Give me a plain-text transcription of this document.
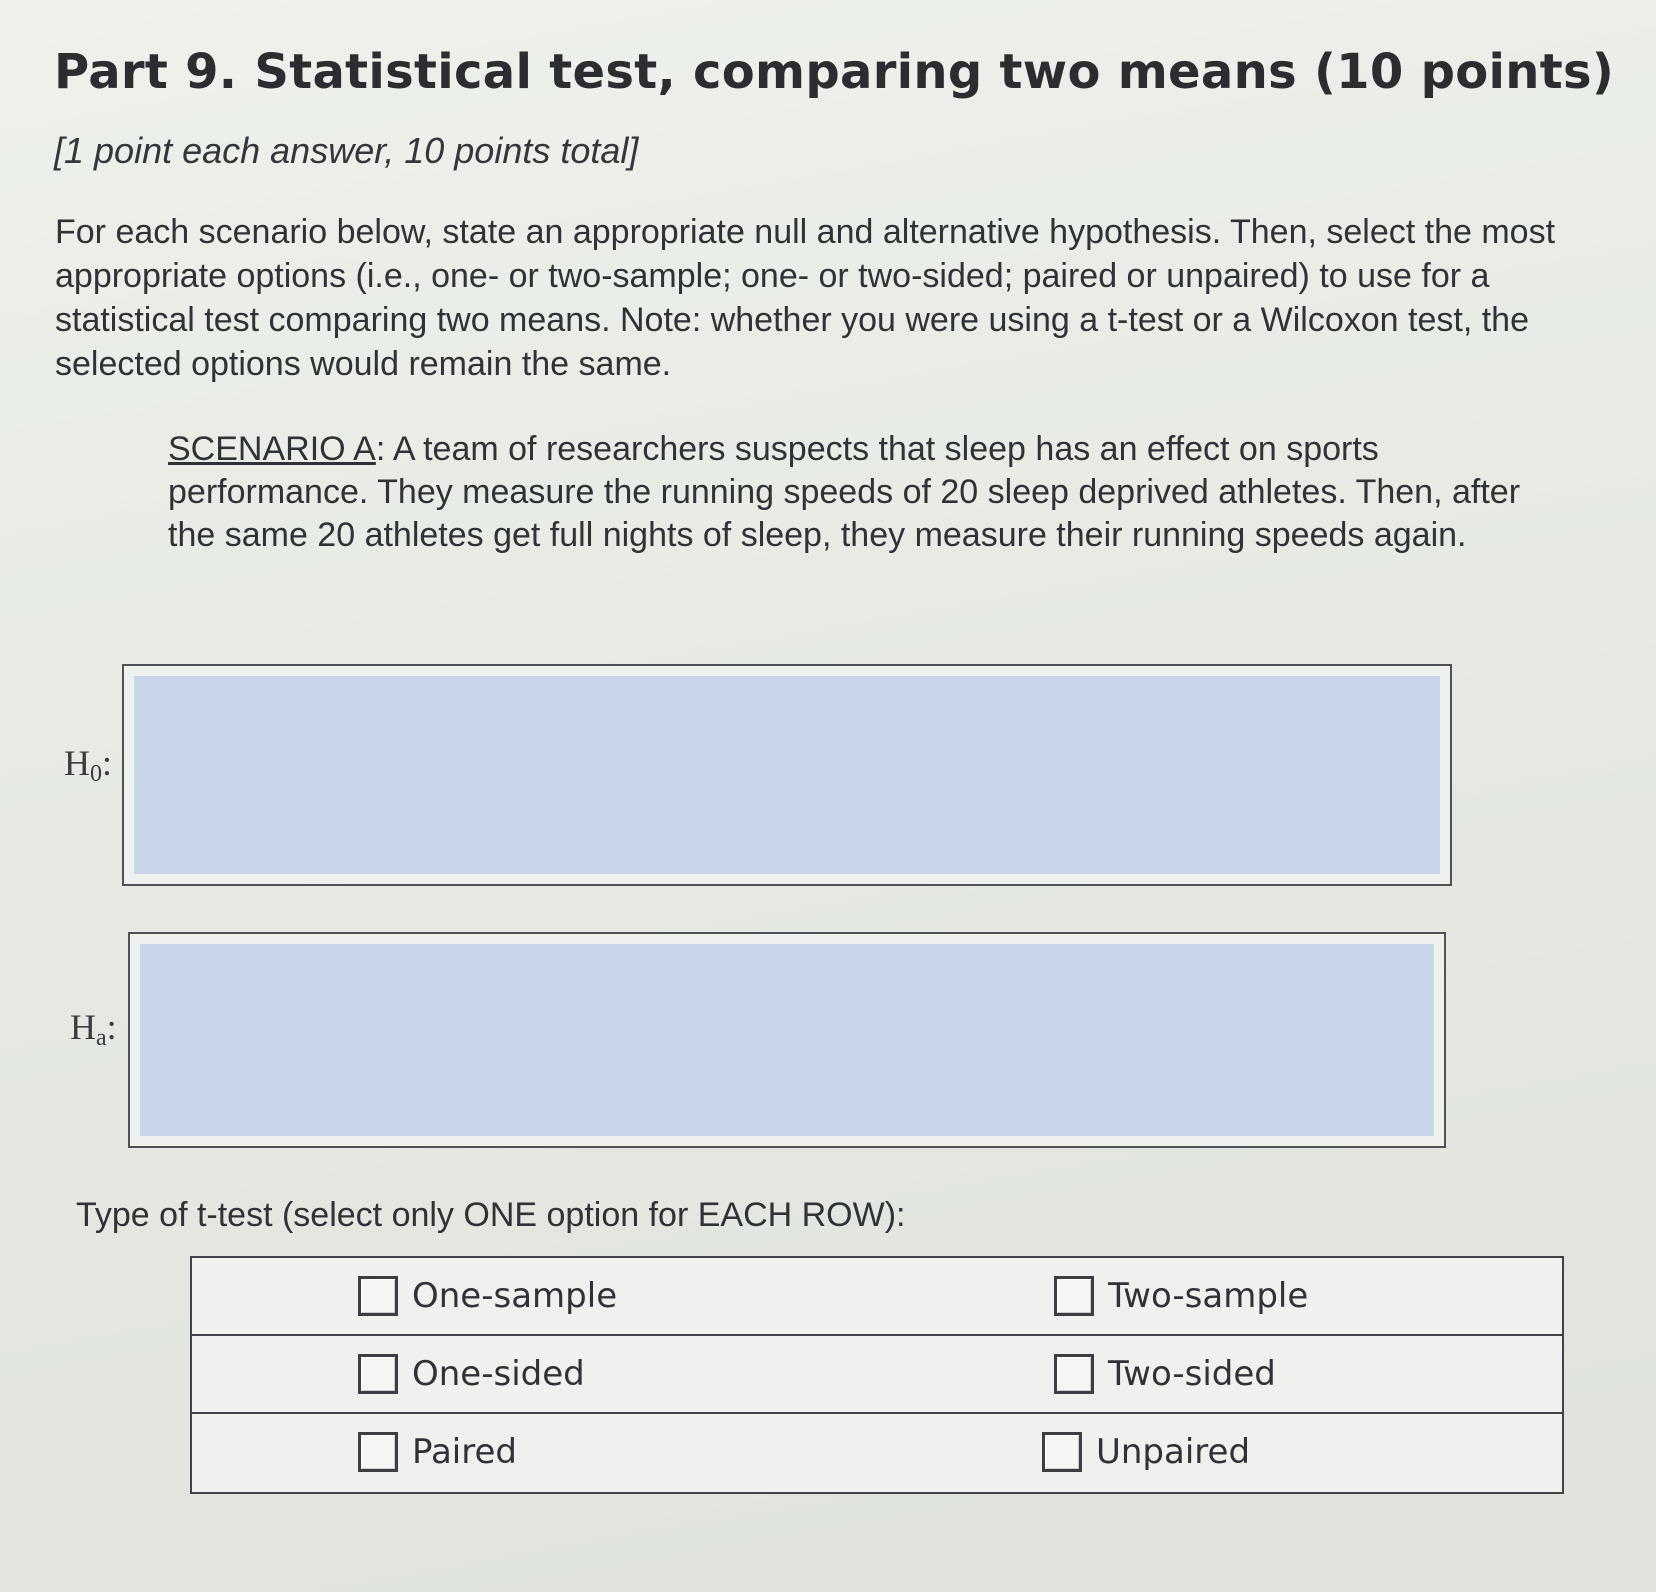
Part 9. Statistical test, comparing two means (10 points)
[1 point each answer, 10 points total]
For each scenario below, state an appropriate null and alternative hypothesis. Then, select the most appropriate options (i.e., one- or two-sample; one- or two-sided; paired or unpaired) to use for a statistical test comparing two means. Note: whether you were using a t-test or a Wilcoxon test, the selected options would remain the same.
SCENARIO A: A team of researchers suspects that sleep has an effect on sports performance. They measure the running speeds of 20 sleep deprived athletes. Then, after the same 20 athletes get full nights of sleep, they measure their running speeds again.
$H_0$:
$H_a$:
Type of t-test (select only ONE option for EACH ROW):
One-sample	Two-sample
One-sided	Two-sided
Paired	Unpaired
